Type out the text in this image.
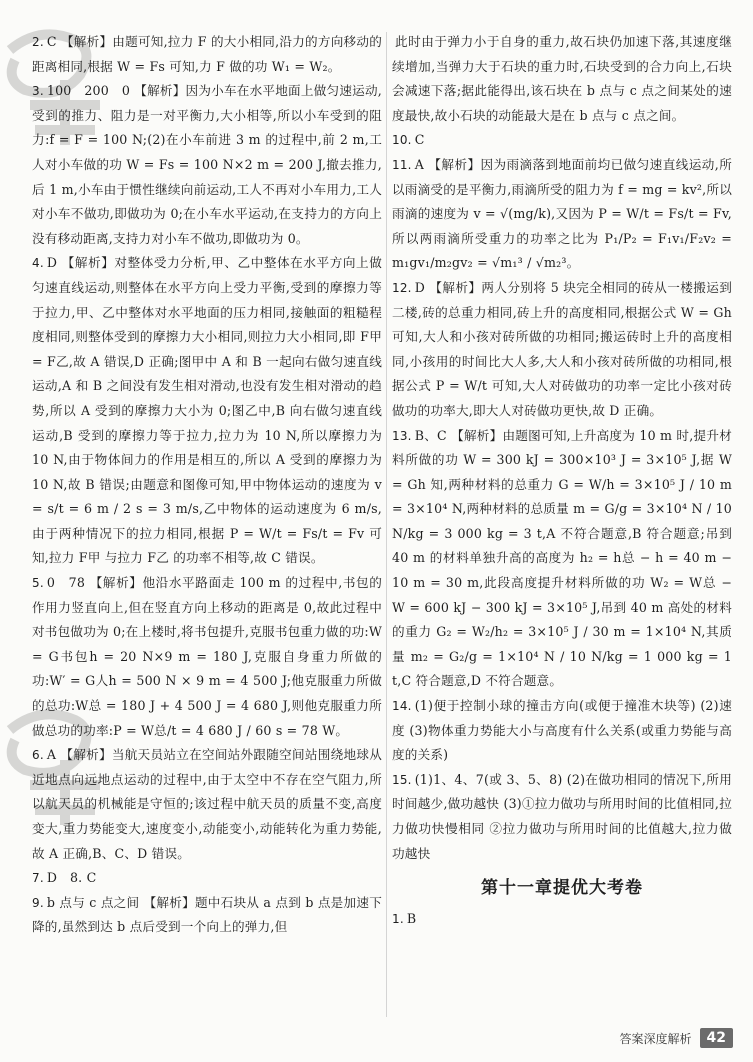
2. C 【解析】由题可知,拉力 F 的大小相同,沿力的方向移动的距离相同,根据 W = Fs 可知,力 F 做的功 W₁ = W₂。

3. 100　200　0 【解析】因为小车在水平地面上做匀速运动,受到的推力、阻力是一对平衡力,大小相等,所以小车受到的阻力:f = F = 100 N;(2)在小车前进 3 m 的过程中,前 2 m,工人对小车做的功 W = Fs = 100 N×2 m = 200 J,撤去推力,后 1 m,小车由于惯性继续向前运动,工人不再对小车用力,工人对小车不做功,即做功为 0;在小车水平运动,在支持力的方向上没有移动距离,支持力对小车不做功,即做功为 0。

4. D 【解析】对整体受力分析,甲、乙中整体在水平方向上做匀速直线运动,则整体在水平方向上受力平衡,受到的摩擦力等于拉力,甲、乙中整体对水平地面的压力相同,接触面的粗糙程度相同,则整体受到的摩擦力大小相同,则拉力大小相同,即 F甲 = F乙,故 A 错误,D 正确;图甲中 A 和 B 一起向右做匀速直线运动,A 和 B 之间没有发生相对滑动,也没有发生相对滑动的趋势,所以 A 受到的摩擦力大小为 0;图乙中,B 向右做匀速直线运动,B 受到的摩擦力等于拉力,拉力为 10 N,所以摩擦力为 10 N,由于物体间力的作用是相互的,所以 A 受到的摩擦力为 10 N,故 B 错误;由题意和图像可知,甲中物体运动的速度为 v = s/t = 6 m / 2 s = 3 m/s,乙中物体的运动速度为 6 m/s,由于两种情况下的拉力相同,根据 P = W/t = Fs/t = Fv 可知,拉力 F甲 与拉力 F乙 的功率不相等,故 C 错误。

5. 0　78 【解析】他沿水平路面走 100 m 的过程中,书包的作用力竖直向上,但在竖直方向上移动的距离是 0,故此过程中对书包做功为 0;在上楼时,将书包提升,克服书包重力做的功:W = G书包h = 20 N×9 m = 180 J,克服自身重力所做的功:W′ = G人h = 500 N × 9 m = 4 500 J;他克服重力所做的总功:W总 = 180 J + 4 500 J = 4 680 J,则他克服重力所做总功的功率:P = W总/t = 4 680 J / 60 s = 78 W。

6. A 【解析】当航天员站立在空间站外跟随空间站围绕地球从近地点向远地点运动的过程中,由于太空中不存在空气阻力,所以航天员的机械能是守恒的;该过程中航天员的质量不变,高度变大,重力势能变大,速度变小,动能变小,动能转化为重力势能,故 A 正确,B、C、D 错误。

7. D　8. C

9. b 点与 c 点之间 【解析】题中石块从 a 点到 b 点是加速下降的,虽然到达 b 点后受到一个向上的弹力,但

此时由于弹力小于自身的重力,故石块仍加速下落,其速度继续增加,当弹力大于石块的重力时,石块受到的合力向上,石块会减速下落;据此能得出,该石块在 b 点与 c 点之间某处的速度最快,故小石块的动能最大是在 b 点与 c 点之间。

10. C

11. A 【解析】因为雨滴落到地面前均已做匀速直线运动,所以雨滴受的是平衡力,雨滴所受的阻力为 f = mg = kv²,所以雨滴的速度为 v = √(mg/k),又因为 P = W/t = Fs/t = Fv,所以两雨滴所受重力的功率之比为 P₁/P₂ = F₁v₁/F₂v₂ = m₁gv₁/m₂gv₂ = √m₁³ / √m₂³。

12. D 【解析】两人分别将 5 块完全相同的砖从一楼搬运到二楼,砖的总重力相同,砖上升的高度相同,根据公式 W = Gh 可知,大人和小孩对砖所做的功相同;搬运砖时上升的高度相同,小孩用的时间比大人多,大人和小孩对砖所做的功相同,根据公式 P = W/t 可知,大人对砖做功的功率一定比小孩对砖做功的功率大,即大人对砖做功更快,故 D 正确。

13. B、C 【解析】由题图可知,上升高度为 10 m 时,提升材料所做的功 W = 300 kJ = 300×10³ J = 3×10⁵ J,据 W = Gh 知,两种材料的总重力 G = W/h = 3×10⁵ J / 10 m = 3×10⁴ N,两种材料的总质量 m = G/g = 3×10⁴ N / 10 N/kg = 3 000 kg = 3 t,A 不符合题意,B 符合题意;吊到 40 m 的材料单独升高的高度为 h₂ = h总 − h = 40 m − 10 m = 30 m,此段高度提升材料所做的功 W₂ = W总 − W = 600 kJ − 300 kJ = 3×10⁵ J,吊到 40 m 高处的材料的重力 G₂ = W₂/h₂ = 3×10⁵ J / 30 m = 1×10⁴ N,其质量 m₂ = G₂/g = 1×10⁴ N / 10 N/kg = 1 000 kg = 1 t,C 符合题意,D 不符合题意。

14. (1)便于控制小球的撞击方向(或便于撞准木块等) (2)速度 (3)物体重力势能大小与高度有什么关系(或重力势能与高度的关系)

15. (1)1、4、7(或 3、5、8) (2)在做功相同的情况下,所用时间越少,做功越快 (3)①拉力做功与所用时间的比值相同,拉力做功快慢相同 ②拉力做功与所用时间的比值越大,拉力做功越快

第十一章提优大考卷

1. B

答案深度解析	42
